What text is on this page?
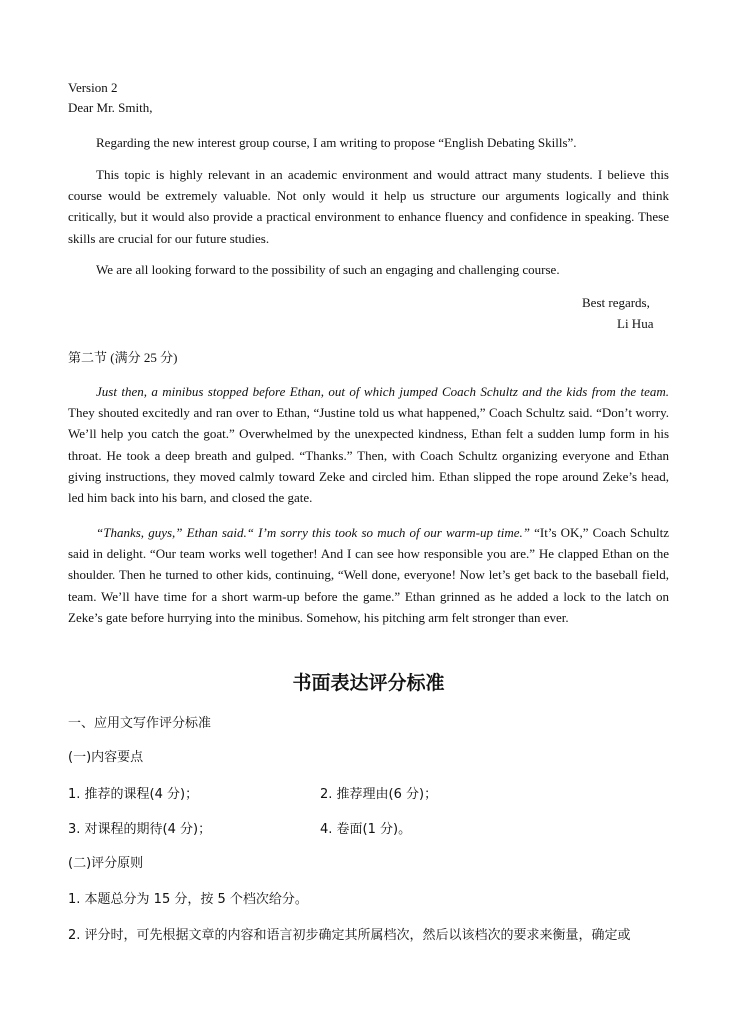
Version 2
Dear Mr. Smith,
Regarding the new interest group course, I am writing to propose “English Debating Skills”.

This topic is highly relevant in an academic environment and would attract many students. I believe this course would be extremely valuable. Not only would it help us structure our arguments logically and think critically, but it would also provide a practical environment to enhance fluency and confidence in speaking. These skills are crucial for our future studies.

We are all looking forward to the possibility of such an engaging and challenging course.
Best regards,
Li Hua
第二节 (满分 25 分)

Just then, a minibus stopped before Ethan, out of which jumped Coach Schultz and the kids from the team. They shouted excitedly and ran over to Ethan, “Justine told us what happened,” Coach Schultz said. “Don’t worry. We’ll help you catch the goat.” Overwhelmed by the unexpected kindness, Ethan felt a sudden lump form in his throat. He took a deep breath and gulped. “Thanks.” Then, with Coach Schultz organizing everyone and Ethan giving instructions, they moved calmly toward Zeke and circled him. Ethan slipped the rope around Zeke’s head, led him back into his barn, and closed the gate.

“Thanks, guys,” Ethan said.“ I’m sorry this took so much of our warm-up time.” “It’s OK,” Coach Schultz said in delight. “Our team works well together! And I can see how responsible you are.” He clapped Ethan on the shoulder. Then he turned to other kids, continuing, “Well done, everyone! Now let’s get back to the baseball field, team. We’ll have time for a short warm-up before the game.” Ethan grinned as he added a lock to the latch on Zeke’s gate before hurrying into the minibus. Somehow, his pitching arm felt stronger than ever.

书面表达评分标准
一、应用文写作评分标准
(一)内容要点
1. 推荐的课程(4 分)；	2. 推荐理由(6 分)；
3. 对课程的期待(4 分)；	4. 卷面(1 分)。
(二)评分原则
1. 本题总分为 15 分，按 5 个档次给分。
2. 评分时，可先根据文章的内容和语言初步确定其所属档次，然后以该档次的要求来衡量，确定或
